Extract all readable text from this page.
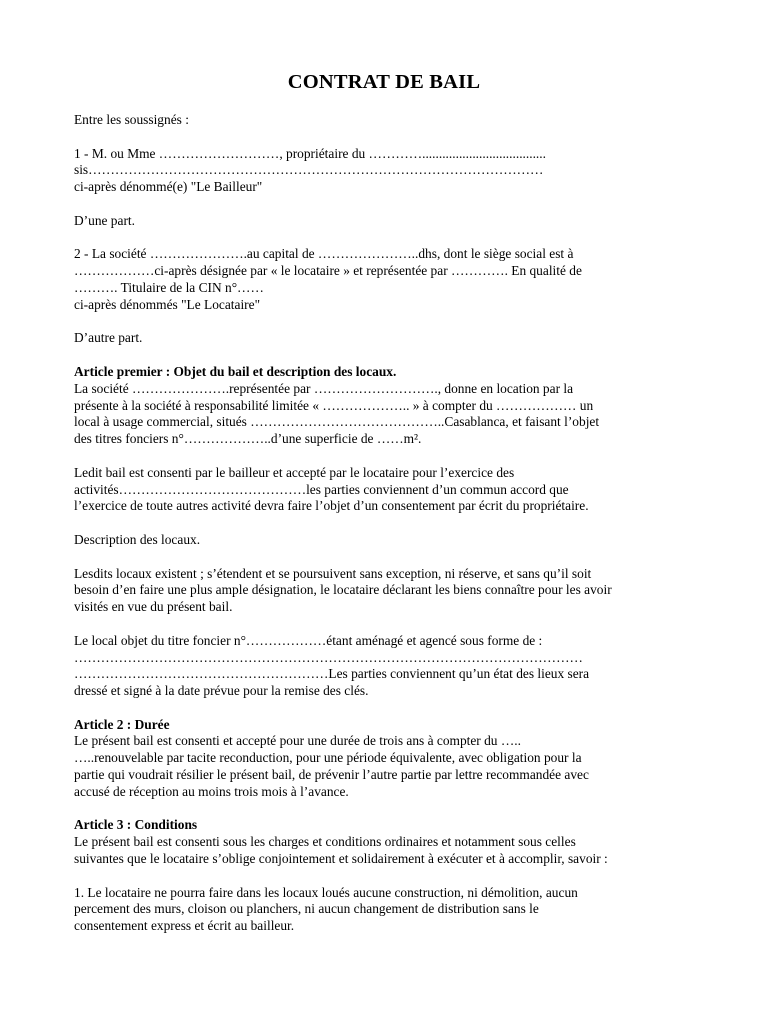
CONTRAT DE BAIL

Entre les soussignés :

1 - M. ou Mme ………………………, propriétaire du ………….....................................

sis…………………………………………………………………………………………

ci-après dénommé(e) "Le Bailleur"

D’une part.

2 - La société ………………….au capital de …………………..dhs, dont le siège social est à

………………ci-après désignée par « le locataire » et représentée par …………. En qualité de

………. Titulaire de la CIN n°……

ci-après dénommés "Le Locataire"

D’autre part.

Article premier : Objet du bail et description des locaux.

La société ………………….représentée par ………………………., donne en location par la

présente à la société à responsabilité limitée « ……………….. » à compter du ……………… un

local à usage commercial, situés ……………………………………..Casablanca, et faisant l’objet

des titres fonciers n°………………..d’une superficie de ……m².

Ledit bail est consenti par le bailleur et accepté par le locataire pour l’exercice des

activités……………………………………les parties conviennent d’un commun accord que

l’exercice de toute autres activité devra faire l’objet d’un consentement par écrit du propriétaire.

Description des locaux.

Lesdits locaux existent ; s’étendent et se poursuivent sans exception, ni réserve, et sans qu’il soit

besoin d’en faire une plus ample désignation, le locataire déclarant les biens connaître pour les avoir

visités en vue du présent bail.

Le local objet du titre foncier n°………………étant aménagé et agencé sous forme de :

……………………………………………………………………………………………………

…………………………………………………Les parties conviennent qu’un état des lieux sera

dressé et signé à la date prévue pour la remise des clés.

Article 2 : Durée

Le présent bail est consenti et accepté pour une durée de trois ans à compter du …..

…..renouvelable par tacite reconduction, pour une période équivalente, avec obligation pour la

partie qui voudrait résilier le présent bail, de prévenir l’autre partie par lettre recommandée avec

accusé de réception au moins trois mois à l’avance.

Article 3 : Conditions

Le présent bail est consenti sous les charges et conditions ordinaires et notamment sous celles

suivantes que le locataire s’oblige conjointement et solidairement à exécuter et à accomplir, savoir :

1. Le locataire ne pourra faire dans les locaux loués aucune construction, ni démolition, aucun

percement des murs, cloison ou planchers, ni aucun changement de distribution sans le

consentement express et écrit au bailleur.
